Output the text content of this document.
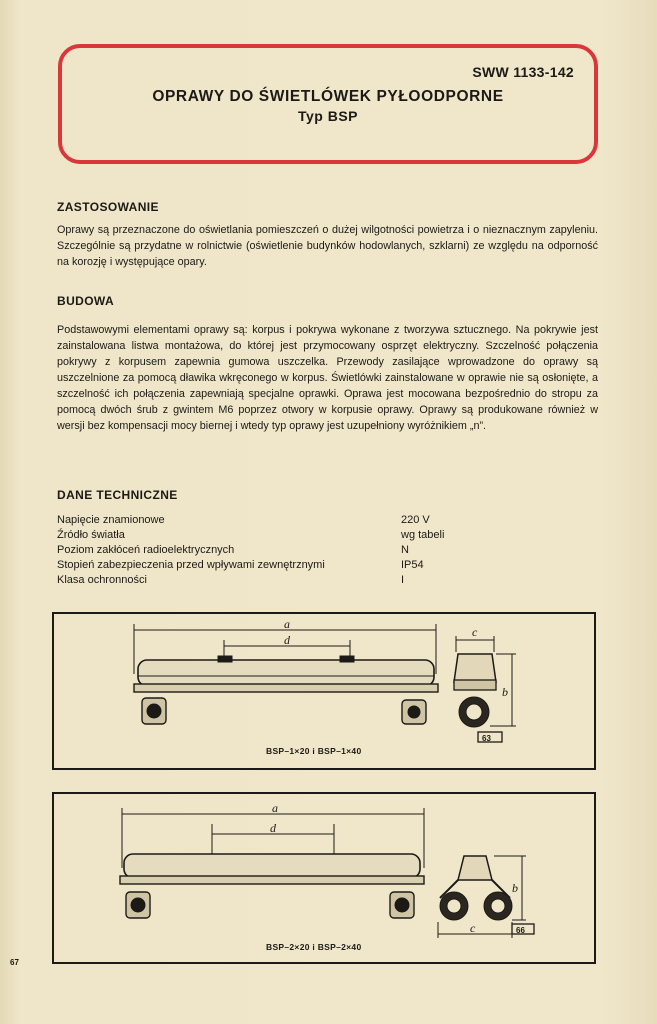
SWW 1133-142
OPRAWY DO ŚWIETLÓWEK PYŁOODPORNE
Typ BSP
ZASTOSOWANIE
Oprawy są przeznaczone do oświetlania pomieszczeń o dużej wilgotności powietrza i o nieznacznym zapyleniu. Szczególnie są przydatne w rolnictwie (oświetlenie budynków hodowlanych, szklarni) ze względu na odporność na korozję i występujące opary.
BUDOWA
Podstawowymi elementami oprawy są: korpus i pokrywa wykonane z tworzywa sztucznego. Na pokrywie jest zainstalowana listwa montażowa, do której jest przymocowany osprzęt elektryczny. Szczelność połączenia pokrywy z korpusem zapewnia gumowa uszczelka. Przewody zasilające wprowadzone do oprawy są uszczelnione za pomocą dławika wkręconego w korpus. Świetlówki zainstalowane w oprawie nie są osłonięte, a szczelność ich połączenia zapewniają specjalne oprawki. Oprawa jest mocowana bezpośrednio do stropu za pomocą dwóch śrub z gwintem M6 poprzez otwory w korpusie oprawy. Oprawy są produkowane również w wersji bez kompensacji mocy biernej i wtedy typ oprawy jest uzupełniony wyróżnikiem „n”.
DANE TECHNICZNE
Napięcie znamionowe	220 V
Źródło światła	wg tabeli
Poziom zakłóceń radioelektrycznych	N
Stopień zabezpieczenia przed wpływami zewnętrznymi	IP54
Klasa ochronności	I
a
d
c
b
63
BSP–1×20 i BSP–1×40
a
d
b
c	66
BSP–2×20 i BSP–2×40
67
